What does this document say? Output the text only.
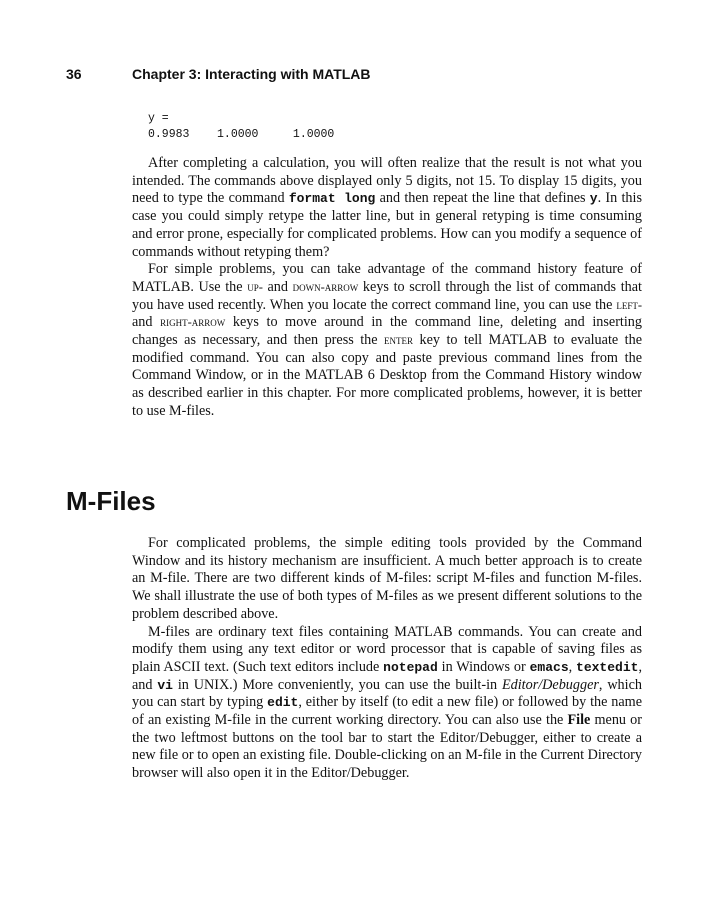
36	Chapter 3: Interacting with MATLAB
y =
0.9983    1.0000     1.0000

After completing a calculation, you will often realize that the result is not what you intended. The commands above displayed only 5 digits, not 15. To display 15 digits, you need to type the command format long and then repeat the line that defines y. In this case you could simply retype the latter line, but in general retyping is time consuming and error prone, especially for complicated problems. How can you modify a sequence of commands without retyping them?

For simple problems, you can take advantage of the command history feature of MATLAB. Use the up- and down-arrow keys to scroll through the list of commands that you have used recently. When you locate the correct command line, you can use the left- and right-arrow keys to move around in the command line, deleting and inserting changes as necessary, and then press the enter key to tell MATLAB to evaluate the modified command. You can also copy and paste previous command lines from the Command Window, or in the MATLAB 6 Desktop from the Command History window as described earlier in this chapter. For more complicated problems, however, it is better to use M-files.

M-Files

For complicated problems, the simple editing tools provided by the Command Window and its history mechanism are insufficient. A much better approach is to create an M-file. There are two different kinds of M-files: script M-files and function M-files. We shall illustrate the use of both types of M-files as we present different solutions to the problem described above.

M-files are ordinary text files containing MATLAB commands. You can create and modify them using any text editor or word processor that is capable of saving files as plain ASCII text. (Such text editors include notepad in Windows or emacs, textedit, and vi in UNIX.) More conveniently, you can use the built-in Editor/Debugger, which you can start by typing edit, either by itself (to edit a new file) or followed by the name of an existing M-file in the current working directory. You can also use the File menu or the two leftmost buttons on the tool bar to start the Editor/Debugger, either to create a new file or to open an existing file. Double-clicking on an M-file in the Current Directory browser will also open it in the Editor/Debugger.
